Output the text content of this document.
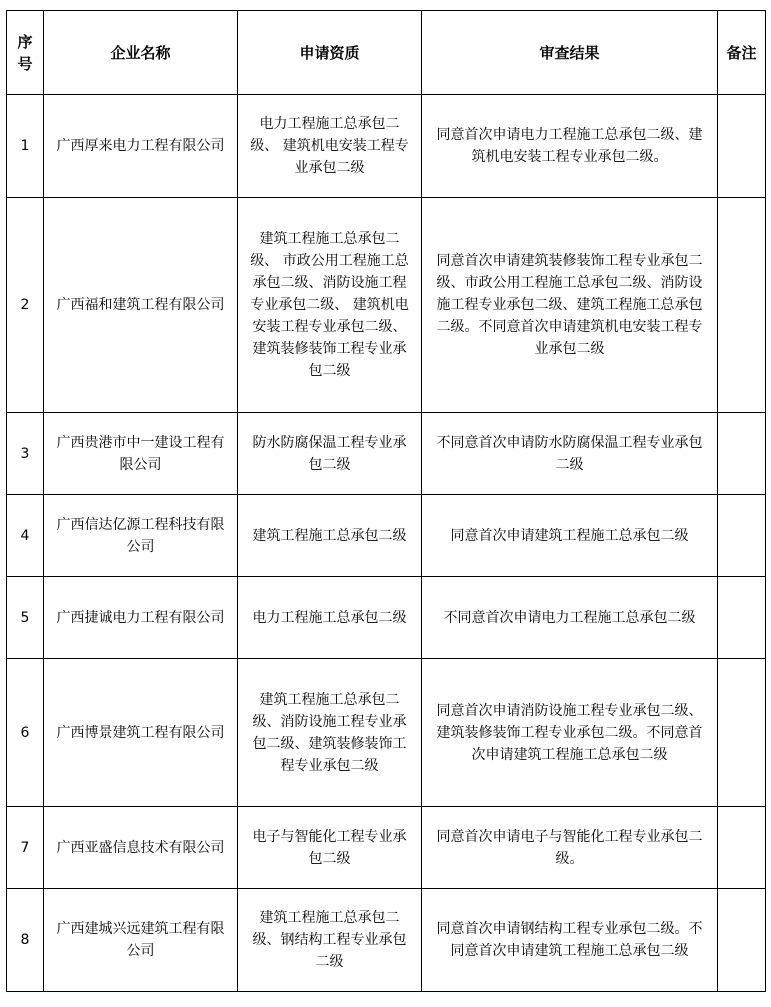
序号	企业名称	申请资质	审查结果	备注
1	广西厚来电力工程有限公司	电力工程施工总承包二级、 建筑机电安装工程专业承包二级	同意首次申请电力工程施工总承包二级、建筑机电安装工程专业承包二级。	
2	广西福和建筑工程有限公司	建筑工程施工总承包二级、 市政公用工程施工总承包二级、消防设施工程专业承包二级、 建筑机电安装工程专业承包二级、建筑装修装饰工程专业承包二级	同意首次申请建筑装修装饰工程专业承包二级、市政公用工程施工总承包二级、消防设施工程专业承包二级、建筑工程施工总承包二级。不同意首次申请建筑机电安装工程专业承包二级	
3	广西贵港市中一建设工程有限公司	防水防腐保温工程专业承包二级	不同意首次申请防水防腐保温工程专业承包二级	
4	广西信达亿源工程科技有限公司	建筑工程施工总承包二级	同意首次申请建筑工程施工总承包二级	
5	广西捷诚电力工程有限公司	电力工程施工总承包二级	不同意首次申请电力工程施工总承包二级	
6	广西博景建筑工程有限公司	建筑工程施工总承包二级、消防设施工程专业承包二级、建筑装修装饰工程专业承包二级	同意首次申请消防设施工程专业承包二级、建筑装修装饰工程专业承包二级。不同意首次申请建筑工程施工总承包二级	
7	广西亚盛信息技术有限公司	电子与智能化工程专业承包二级	同意首次申请电子与智能化工程专业承包二级。	
8	广西建城兴远建筑工程有限公司	建筑工程施工总承包二级、钢结构工程专业承包二级	同意首次申请钢结构工程专业承包二级。不同意首次申请建筑工程施工总承包二级	
